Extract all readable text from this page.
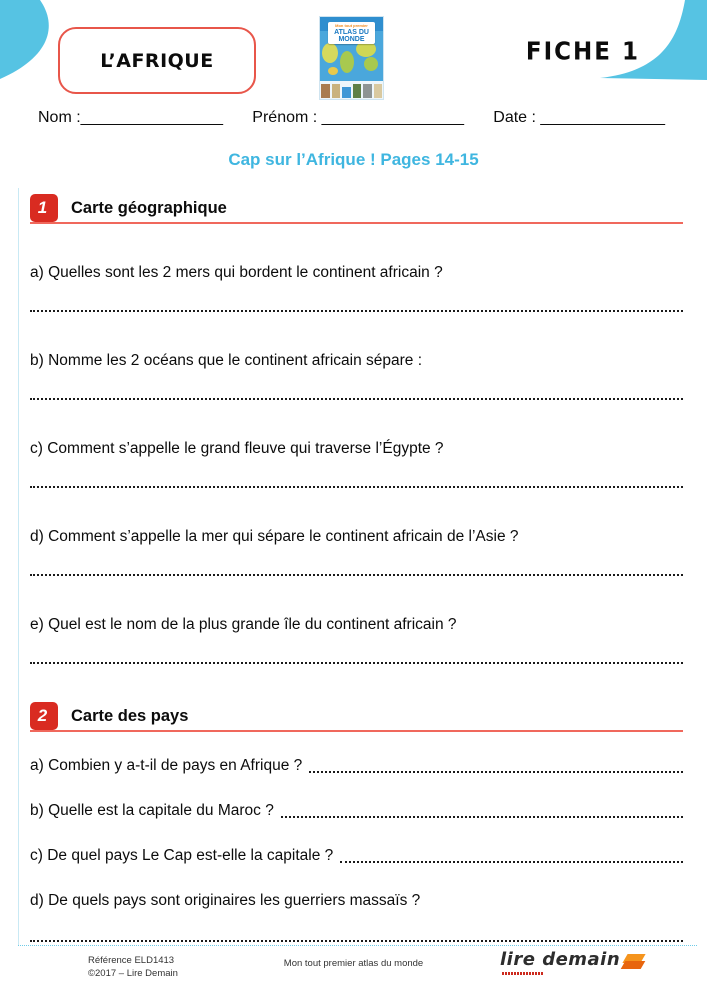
L’AFRIQUE
Mon tout premier
ATLAS DU
MONDE	FICHE 1
Nom :________________ Prénom : ________________ Date : ______________
Cap sur l’Afrique ! Pages 14-15
1	Carte géographique

a) Quelles sont les 2 mers qui bordent le continent africain ?

b) Nomme les 2 océans que le continent africain sépare :

c) Comment s’appelle le grand fleuve qui traverse l’Égypte ?

d) Comment s’appelle la mer qui sépare le continent africain de l’Asie ?

e) Quel est le nom de la plus grande île du continent africain ?

2	Carte des pays

a) Combien y a-t-il de pays en Afrique ?

b) Quelle est la capitale du Maroc ?

c) De quel pays Le Cap est-elle la capitale ?

d) De quels pays sont originaires les guerriers massaïs ?

Référence ELD1413
©2017 – Lire Demain
Mon tout premier atlas du monde	lire demain
